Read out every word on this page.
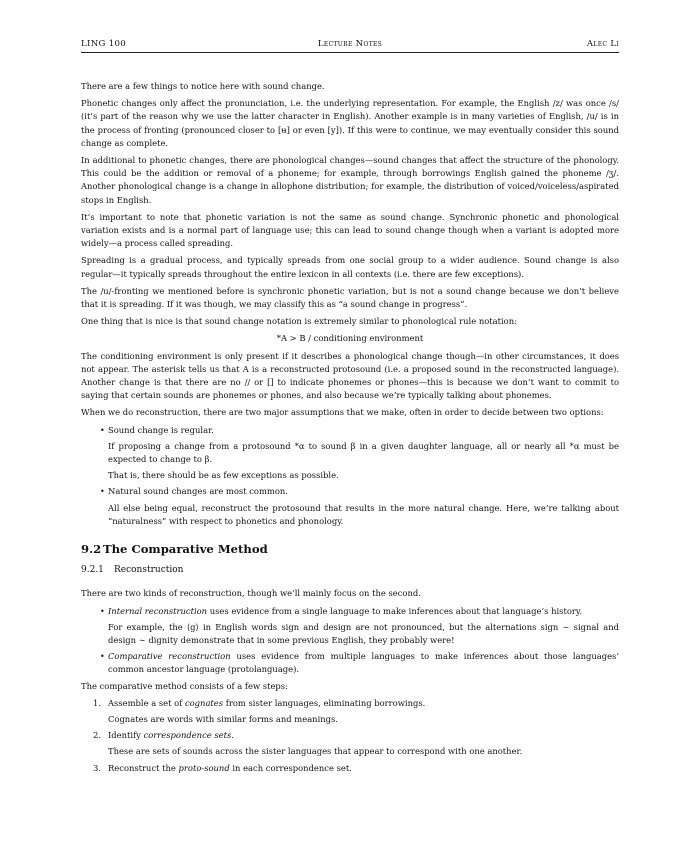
LING 100	Lecture Notes	Alec Li

There are a few things to notice here with sound change.

Phonetic changes only affect the pronunciation, i.e. the underlying representation. For example, the English /z/ was once /s/ (it’s part of the reason why we use the latter character in English). Another example is in many varieties of English, /u/ is in the process of fronting (pronounced closer to [ʉ] or even [y]). If this were to continue, we may eventually consider this sound change as complete.

In additional to phonetic changes, there are phonological changes—sound changes that affect the structure of the phonology. This could be the addition or removal of a phoneme; for example, through borrowings English gained the phoneme /ʒ/. Another phonological change is a change in allophone distribution; for example, the distribution of voiced/voiceless/aspirated stops in English.

It’s important to note that phonetic variation is not the same as sound change. Synchronic phonetic and phonological variation exists and is a normal part of language use; this can lead to sound change though when a variant is adopted more widely—a process called spreading.

Spreading is a gradual process, and typically spreads from one social group to a wider audience. Sound change is also regular—it typically spreads throughout the entire lexicon in all contexts (i.e. there are few exceptions).

The /u/-fronting we mentioned before is synchronic phonetic variation, but is not a sound change because we don’t believe that it is spreading. If it was though, we may classify this as “a sound change in progress”.

One thing that is nice is that sound change notation is extremely similar to phonological rule notation:

*A > B / conditioning environment

The conditioning environment is only present if it describes a phonological change though—in other circumstances, it does not appear. The asterisk tells us that A is a reconstructed protosound (i.e. a proposed sound in the reconstructed language). Another change is that there are no // or [] to indicate phonemes or phones—this is because we don’t want to commit to saying that certain sounds are phonemes or phones, and also because we’re typically talking about phonemes.

When we do reconstruction, there are two major assumptions that we make, often in order to decide between two options:

• Sound change is regular.

If proposing a change from a protosound *α to sound β in a given daughter language, all or nearly all *α must be expected to change to β.

That is, there should be as few exceptions as possible.

• Natural sound changes are most common.

All else being equal, reconstruct the protosound that results in the more natural change. Here, we’re talking about “naturalness” with respect to phonetics and phonology.

9.2 The Comparative Method
9.2.1 Reconstruction

There are two kinds of reconstruction, though we’ll mainly focus on the second.

• Internal reconstruction uses evidence from a single language to make inferences about that language’s history.

For example, the ⟨g⟩ in English words sign and design are not pronounced, but the alternations sign ∼ signal and design ∼ dignity demonstrate that in some previous English, they probably were!

• Comparative reconstruction uses evidence from multiple languages to make inferences about those languages’ common ancestor language (protolanguage).

The comparative method consists of a few steps:

1. Assemble a set of cognates from sister languages, eliminating borrowings.

Cognates are words with similar forms and meanings.

2. Identify correspondence sets.

These are sets of sounds across the sister languages that appear to correspond with one another.

3. Reconstruct the proto-sound in each correspondence set.
